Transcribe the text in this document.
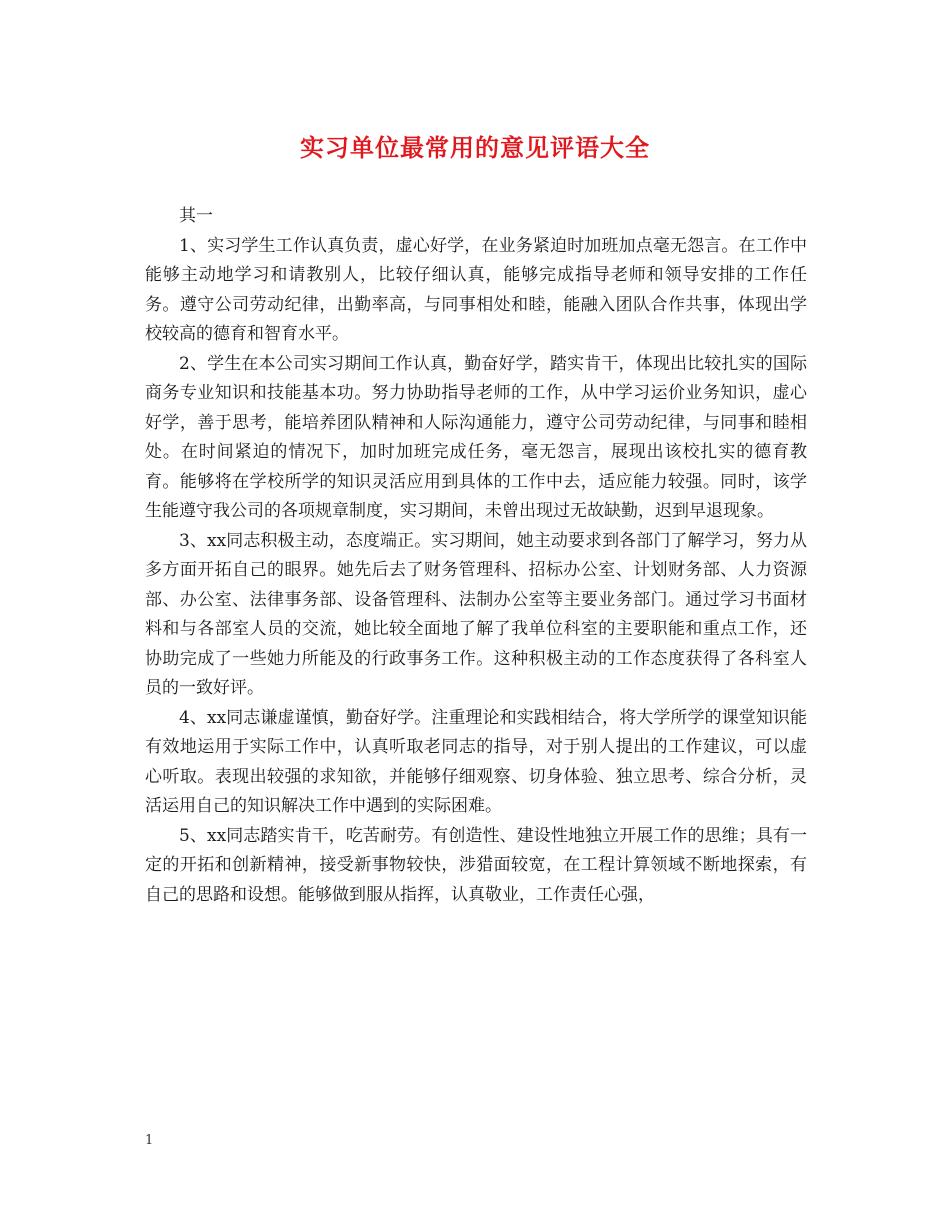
实习单位最常用的意见评语大全

其一

1、实习学生工作认真负责，虚心好学，在业务紧迫时加班加点毫无怨言。在工作中能够主动地学习和请教别人，比较仔细认真，能够完成指导老师和领导安排的工作任务。遵守公司劳动纪律，出勤率高，与同事相处和睦，能融入团队合作共事，体现出学校较高的德育和智育水平。

2、学生在本公司实习期间工作认真，勤奋好学，踏实肯干，体现出比较扎实的国际商务专业知识和技能基本功。努力协助指导老师的工作，从中学习运价业务知识，虚心好学，善于思考，能培养团队精神和人际沟通能力，遵守公司劳动纪律，与同事和睦相处。在时间紧迫的情况下，加时加班完成任务，毫无怨言，展现出该校扎实的德育教育。能够将在学校所学的知识灵活应用到具体的工作中去，适应能力较强。同时，该学生能遵守我公司的各项规章制度，实习期间，未曾出现过无故缺勤，迟到早退现象。

3、xx同志积极主动，态度端正。实习期间，她主动要求到各部门了解学习，努力从多方面开拓自己的眼界。她先后去了财务管理科、招标办公室、计划财务部、人力资源部、办公室、法律事务部、设备管理科、法制办公室等主要业务部门。通过学习书面材料和与各部室人员的交流，她比较全面地了解了我单位科室的主要职能和重点工作，还协助完成了一些她力所能及的行政事务工作。这种积极主动的工作态度获得了各科室人员的一致好评。

4、xx同志谦虚谨慎，勤奋好学。注重理论和实践相结合，将大学所学的课堂知识能有效地运用于实际工作中，认真听取老同志的指导，对于别人提出的工作建议，可以虚心听取。表现出较强的求知欲，并能够仔细观察、切身体验、独立思考、综合分析，灵活运用自己的知识解决工作中遇到的实际困难。

5、xx同志踏实肯干，吃苦耐劳。有创造性、建设性地独立开展工作的思维；具有一定的开拓和创新精神，接受新事物较快，涉猎面较宽，在工程计算领域不断地探索，有自己的思路和设想。能够做到服从指挥，认真敬业，工作责任心强，

1
